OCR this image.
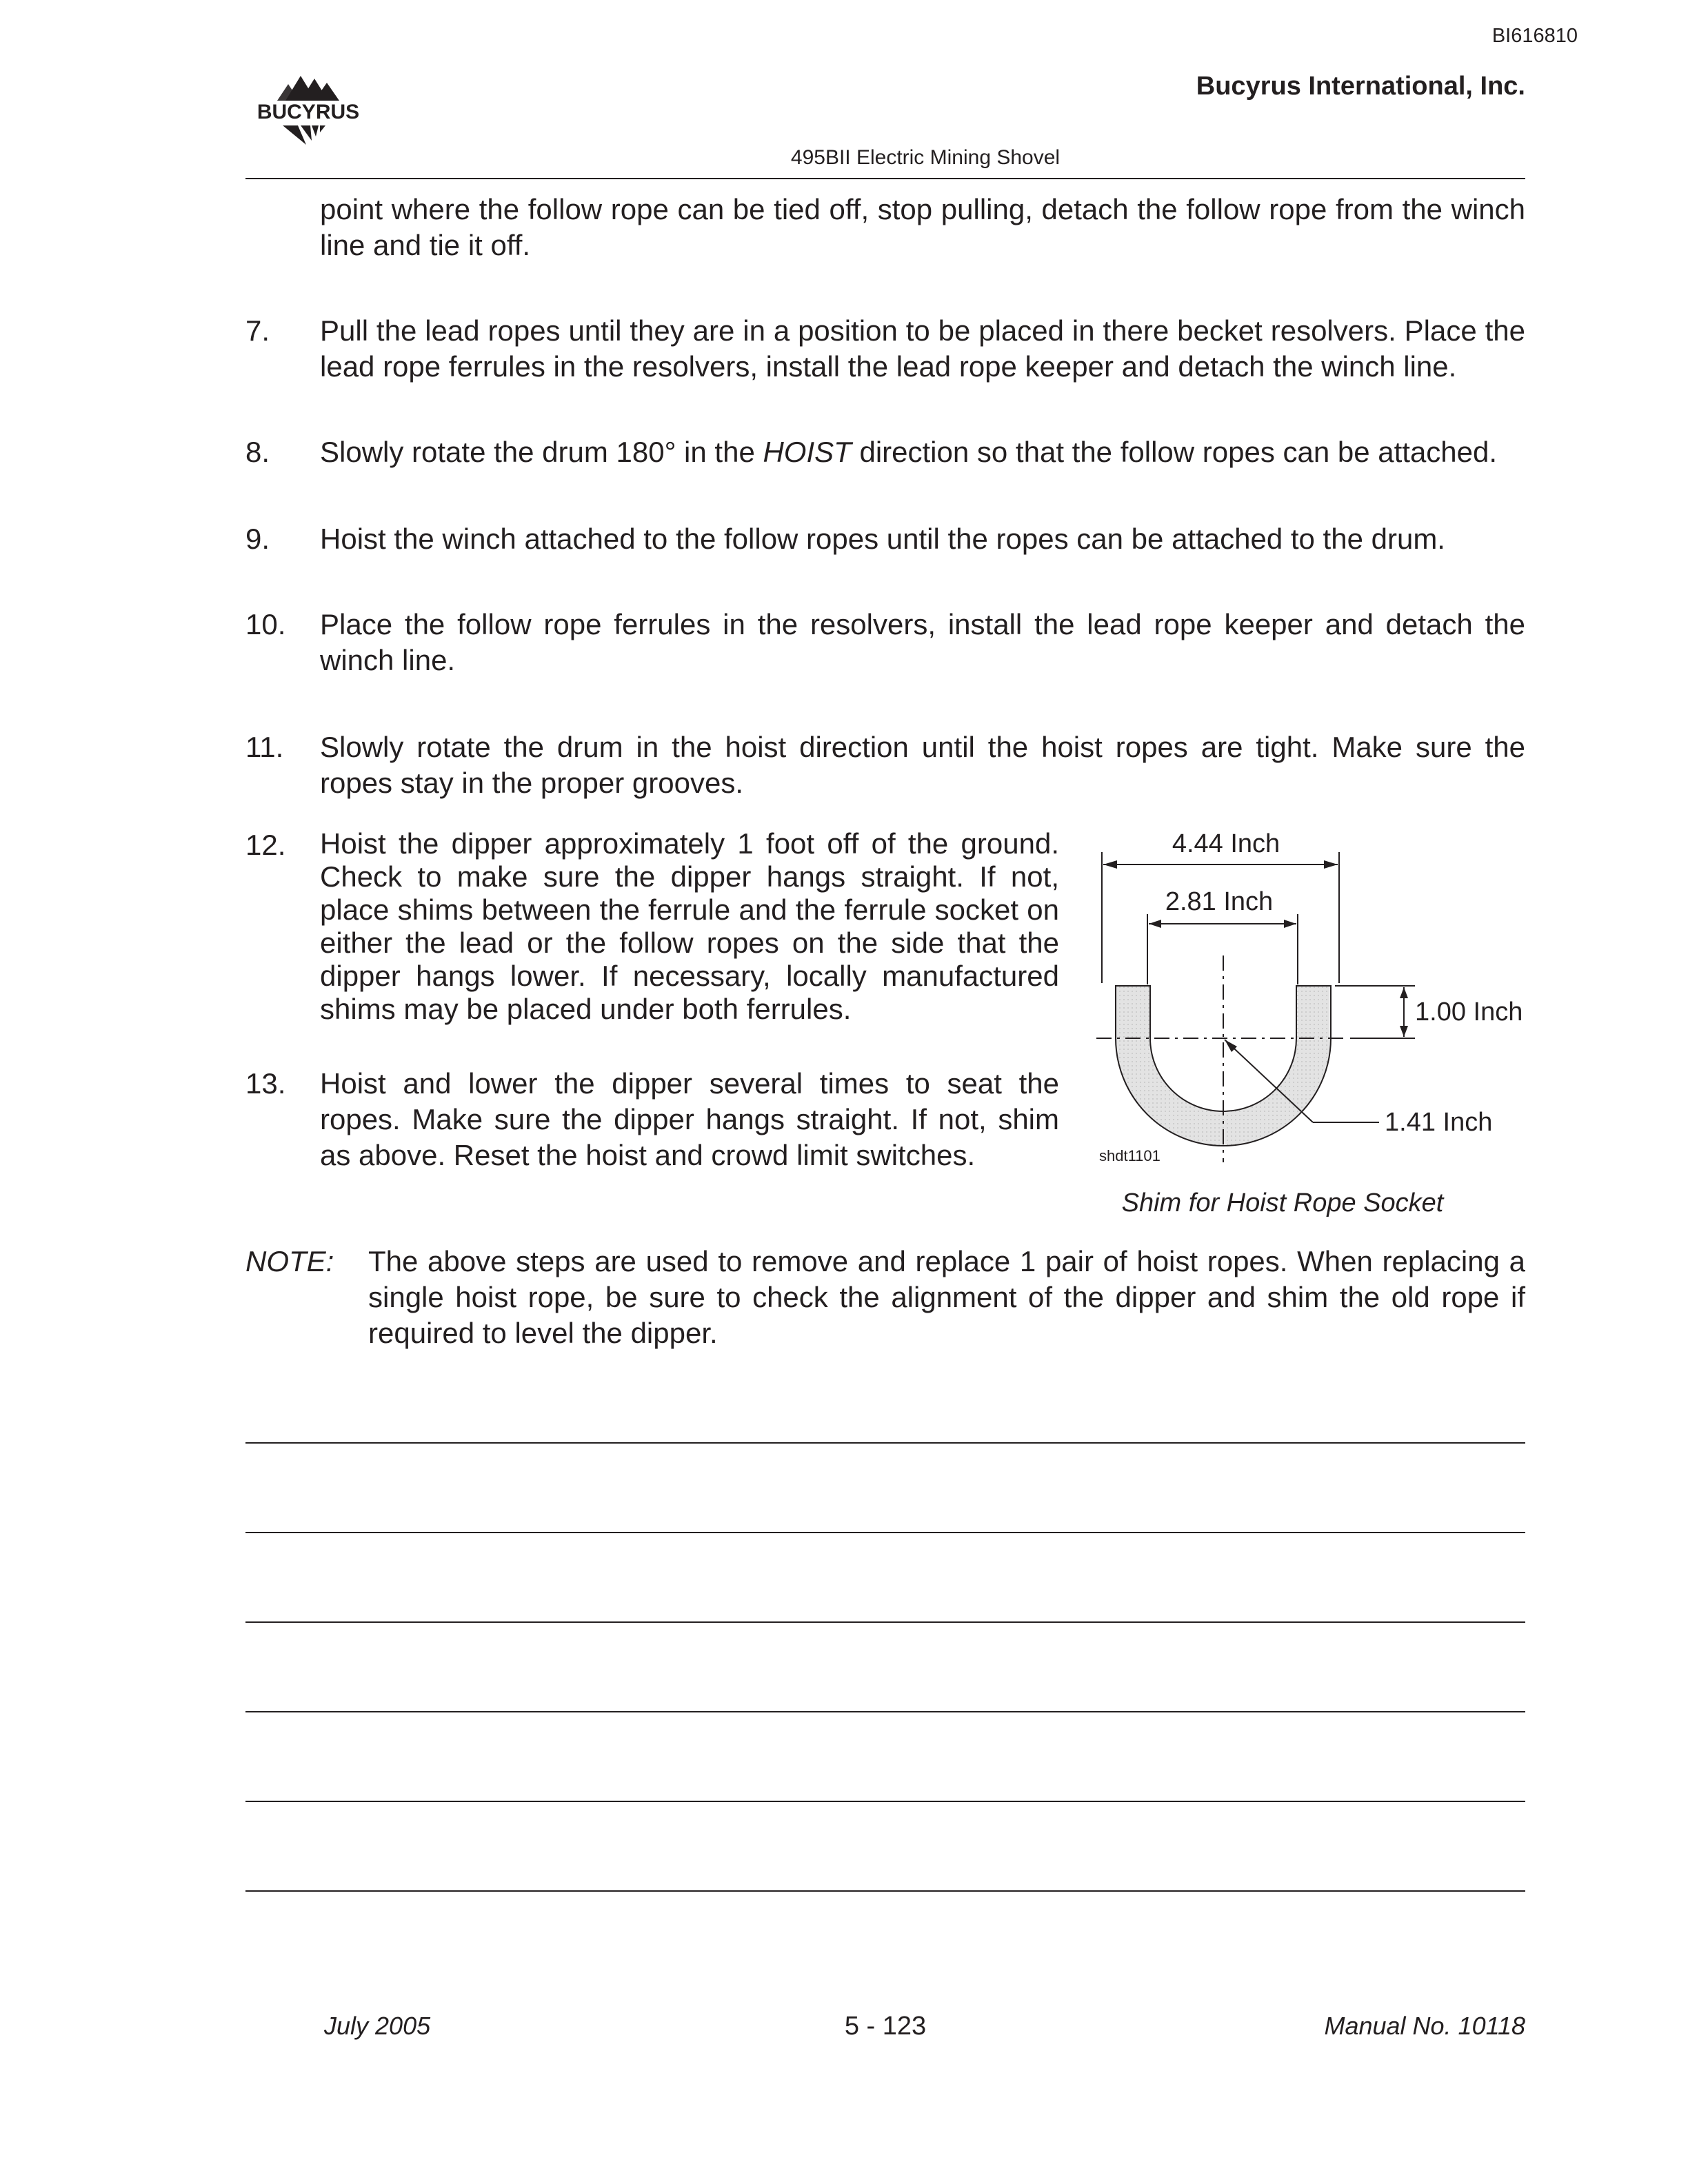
BI616810
Bucyrus International, Inc.
BUCYRUS
495BII Electric Mining Shovel
point where the follow rope can be tied off, stop pulling, detach the follow rope from the winch line and tie it off.
7. Pull the lead ropes until they are in a position to be placed in there becket resolvers. Place the lead rope ferrules in the resolvers, install the lead rope keeper and detach the winch line.
8. Slowly rotate the drum 180° in the HOIST direction so that the follow ropes can be attached.
9. Hoist the winch attached to the follow ropes until the ropes can be attached to the drum.
10. Place the follow rope ferrules in the resolvers, install the lead rope keeper and detach the winch line.
11. Slowly rotate the drum in the hoist direction until the hoist ropes are tight. Make sure the ropes stay in the proper grooves.
12. Hoist the dipper approximately 1 foot off of the ground. Check to make sure the dipper hangs straight. If not, place shims between the ferrule and the ferrule socket on either the lead or the follow ropes on the side that the dipper hangs lower. If necessary, locally manufactured shims may be placed under both ferrules.
13. Hoist and lower the dipper several times to seat the ropes. Make sure the dipper hangs straight. If not, shim as above. Reset the hoist and crowd limit switches.
4.44 Inch
2.81 Inch
1.00 Inch
1.41 Inch
shdt1101
Shim for Hoist Rope Socket
NOTE: The above steps are used to remove and replace 1 pair of hoist ropes. When replacing a single hoist rope, be sure to check the alignment of the dipper and shim the old rope if required to level the dipper.
July 2005	5 - 123	Manual No. 10118
